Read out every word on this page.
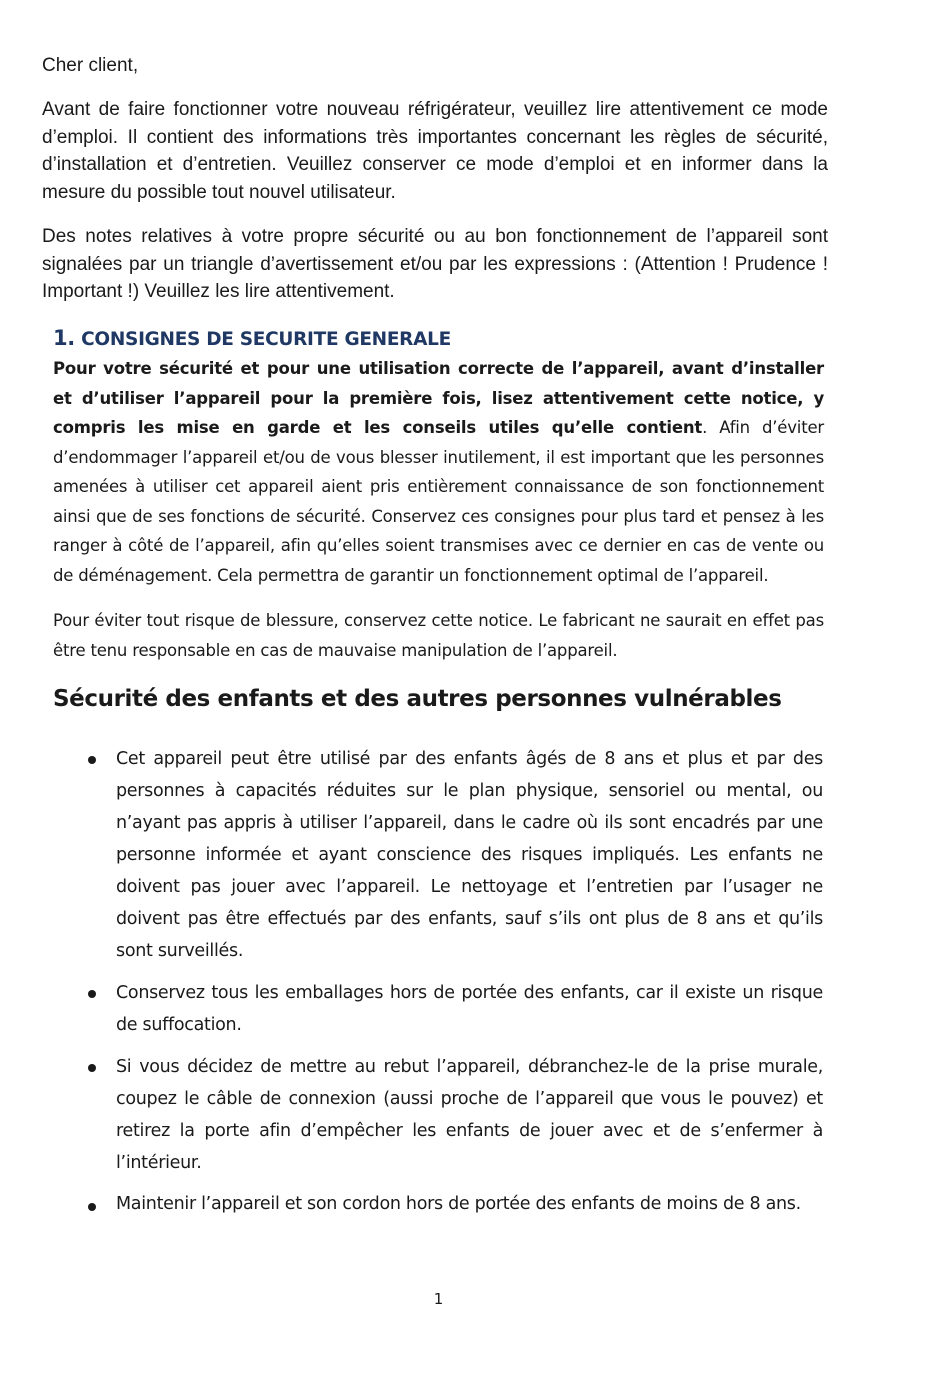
Cher client,

Avant de faire fonctionner votre nouveau réfrigérateur, veuillez lire attentivement ce mode d’emploi. Il contient des informations très importantes concernant les règles de sécurité, d’installation et d’entretien. Veuillez conserver ce mode d’emploi et en informer dans la mesure du possible tout nouvel utilisateur.

Des notes relatives à votre propre sécurité ou au bon fonctionnement de l’appareil sont signalées par un triangle d’avertissement et/ou par les expressions : (Attention ! Prudence ! Important !) Veuillez les lire attentivement.

1. CONSIGNES DE SECURITE GENERALE

Pour votre sécurité et pour une utilisation correcte de l’appareil, avant d’installer et d’utiliser l’appareil pour la première fois, lisez attentivement cette notice, y compris les mise en garde et les conseils utiles qu’elle contient. Afin d’éviter d’endommager l’appareil et/ou de vous blesser inutilement, il est important que les personnes amenées à utiliser cet appareil aient pris entièrement connaissance de son fonctionnement ainsi que de ses fonctions de sécurité. Conservez ces consignes pour plus tard et pensez à les ranger à côté de l’appareil, afin qu’elles soient transmises avec ce dernier en cas de vente ou de déménagement. Cela permettra de garantir un fonctionnement optimal de l’appareil.

Pour éviter tout risque de blessure, conservez cette notice. Le fabricant ne saurait en effet pas être tenu responsable en cas de mauvaise manipulation de l’appareil.

Sécurité des enfants et des autres personnes vulnérables

Cet appareil peut être utilisé par des enfants âgés de 8 ans et plus et par des personnes à capacités réduites sur le plan physique, sensoriel ou mental, ou n’ayant pas appris à utiliser l’appareil, dans le cadre où ils sont encadrés par une personne informée et ayant conscience des risques impliqués. Les enfants ne doivent pas jouer avec l’appareil. Le nettoyage et l’entretien par l’usager ne doivent pas être effectués par des enfants, sauf s’ils ont plus de 8 ans et qu’ils sont surveillés.

Conservez tous les emballages hors de portée des enfants, car il existe un risque de suffocation.

Si vous décidez de mettre au rebut l’appareil, débranchez-le de la prise murale, coupez le câble de connexion (aussi proche de l’appareil que vous le pouvez) et retirez la porte afin d’empêcher les enfants de jouer avec et de s’enfermer à l’intérieur.

Maintenir l’appareil et son cordon hors de portée des enfants de moins de 8 ans.

1
